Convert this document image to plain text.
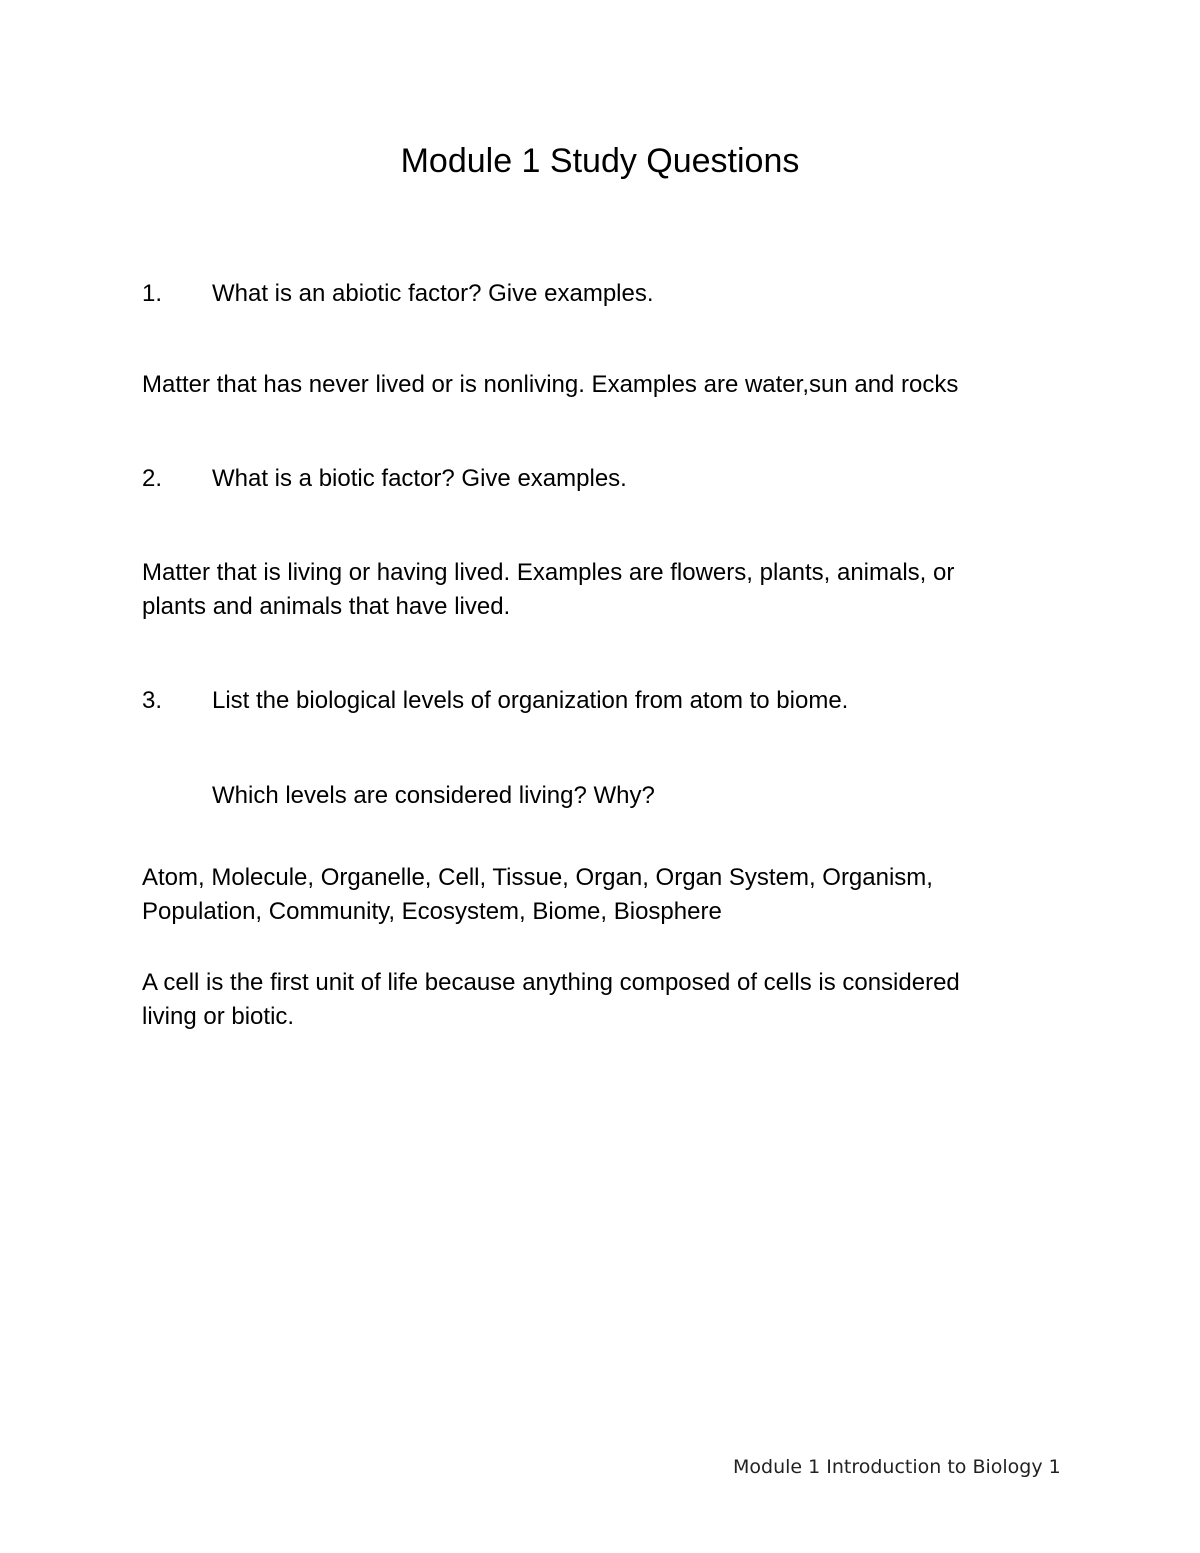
Module 1 Study Questions
1. What is an abiotic factor? Give examples.
Matter that has never lived or is nonliving. Examples are water,sun and rocks
2. What is a biotic factor? Give examples.
Matter that is living or having lived. Examples are flowers, plants, animals, or
plants and animals that have lived.
3. List the biological levels of organization from atom to biome.
Which levels are considered living? Why?
Atom, Molecule, Organelle, Cell, Tissue, Organ, Organ System, Organism,
Population, Community, Ecosystem, Biome, Biosphere
A cell is the first unit of life because anything composed of cells is considered
living or biotic.
Module 1 Introduction to Biology 1
